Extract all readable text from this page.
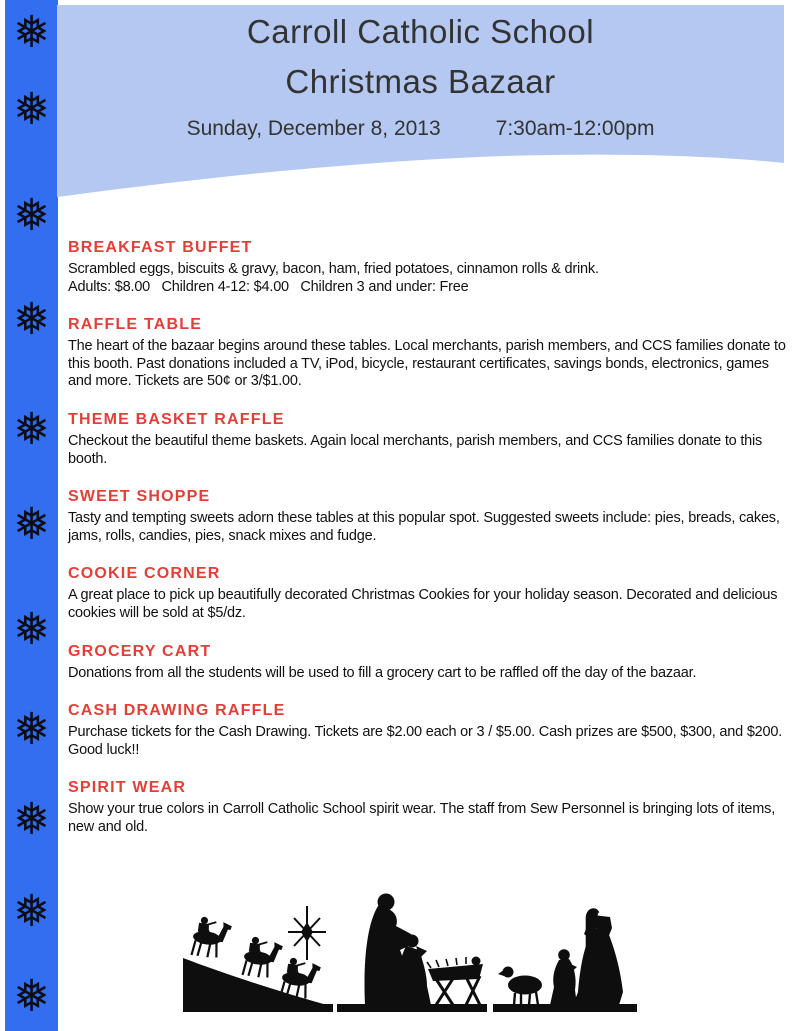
❅
❅
❅
❅
❅
❅
❅
❅
❅
❅
❅
Carroll Catholic School
Christmas Bazaar
Sunday, December 8, 2013	7:30am-12:00pm
BREAKFAST BUFFET

Scrambled eggs, biscuits & gravy, bacon, ham, fried potatoes, cinnamon rolls & drink.

Adults: $8.00   Children 4-12: $4.00   Children 3 and under: Free

RAFFLE TABLE

The heart of the bazaar begins around these tables. Local merchants, parish members, and CCS families donate to this booth. Past donations included a TV, iPod, bicycle, restaurant certificates, savings bonds, electronics, games and more. Tickets are 50¢ or 3/$1.00.

THEME BASKET RAFFLE

Checkout the beautiful theme baskets. Again local merchants, parish members, and CCS families donate to this booth.

SWEET SHOPPE

Tasty and tempting sweets adorn these tables at this popular spot. Suggested sweets include: pies, breads, cakes, jams, rolls, candies, pies, snack mixes and fudge.

COOKIE CORNER

A great place to pick up beautifully decorated Christmas Cookies for your holiday season. Decorated and delicious cookies will be sold at $5/dz.

GROCERY CART

Donations from all the students will be used to fill a grocery cart to be raffled off the day of the bazaar.

CASH DRAWING RAFFLE

Purchase tickets for the Cash Drawing. Tickets are $2.00 each or 3 / $5.00. Cash prizes are $500, $300, and $200. Good luck!!

SPIRIT WEAR

Show your true colors in Carroll Catholic School spirit wear. The staff from Sew Personnel is bringing lots of items, new and old.
